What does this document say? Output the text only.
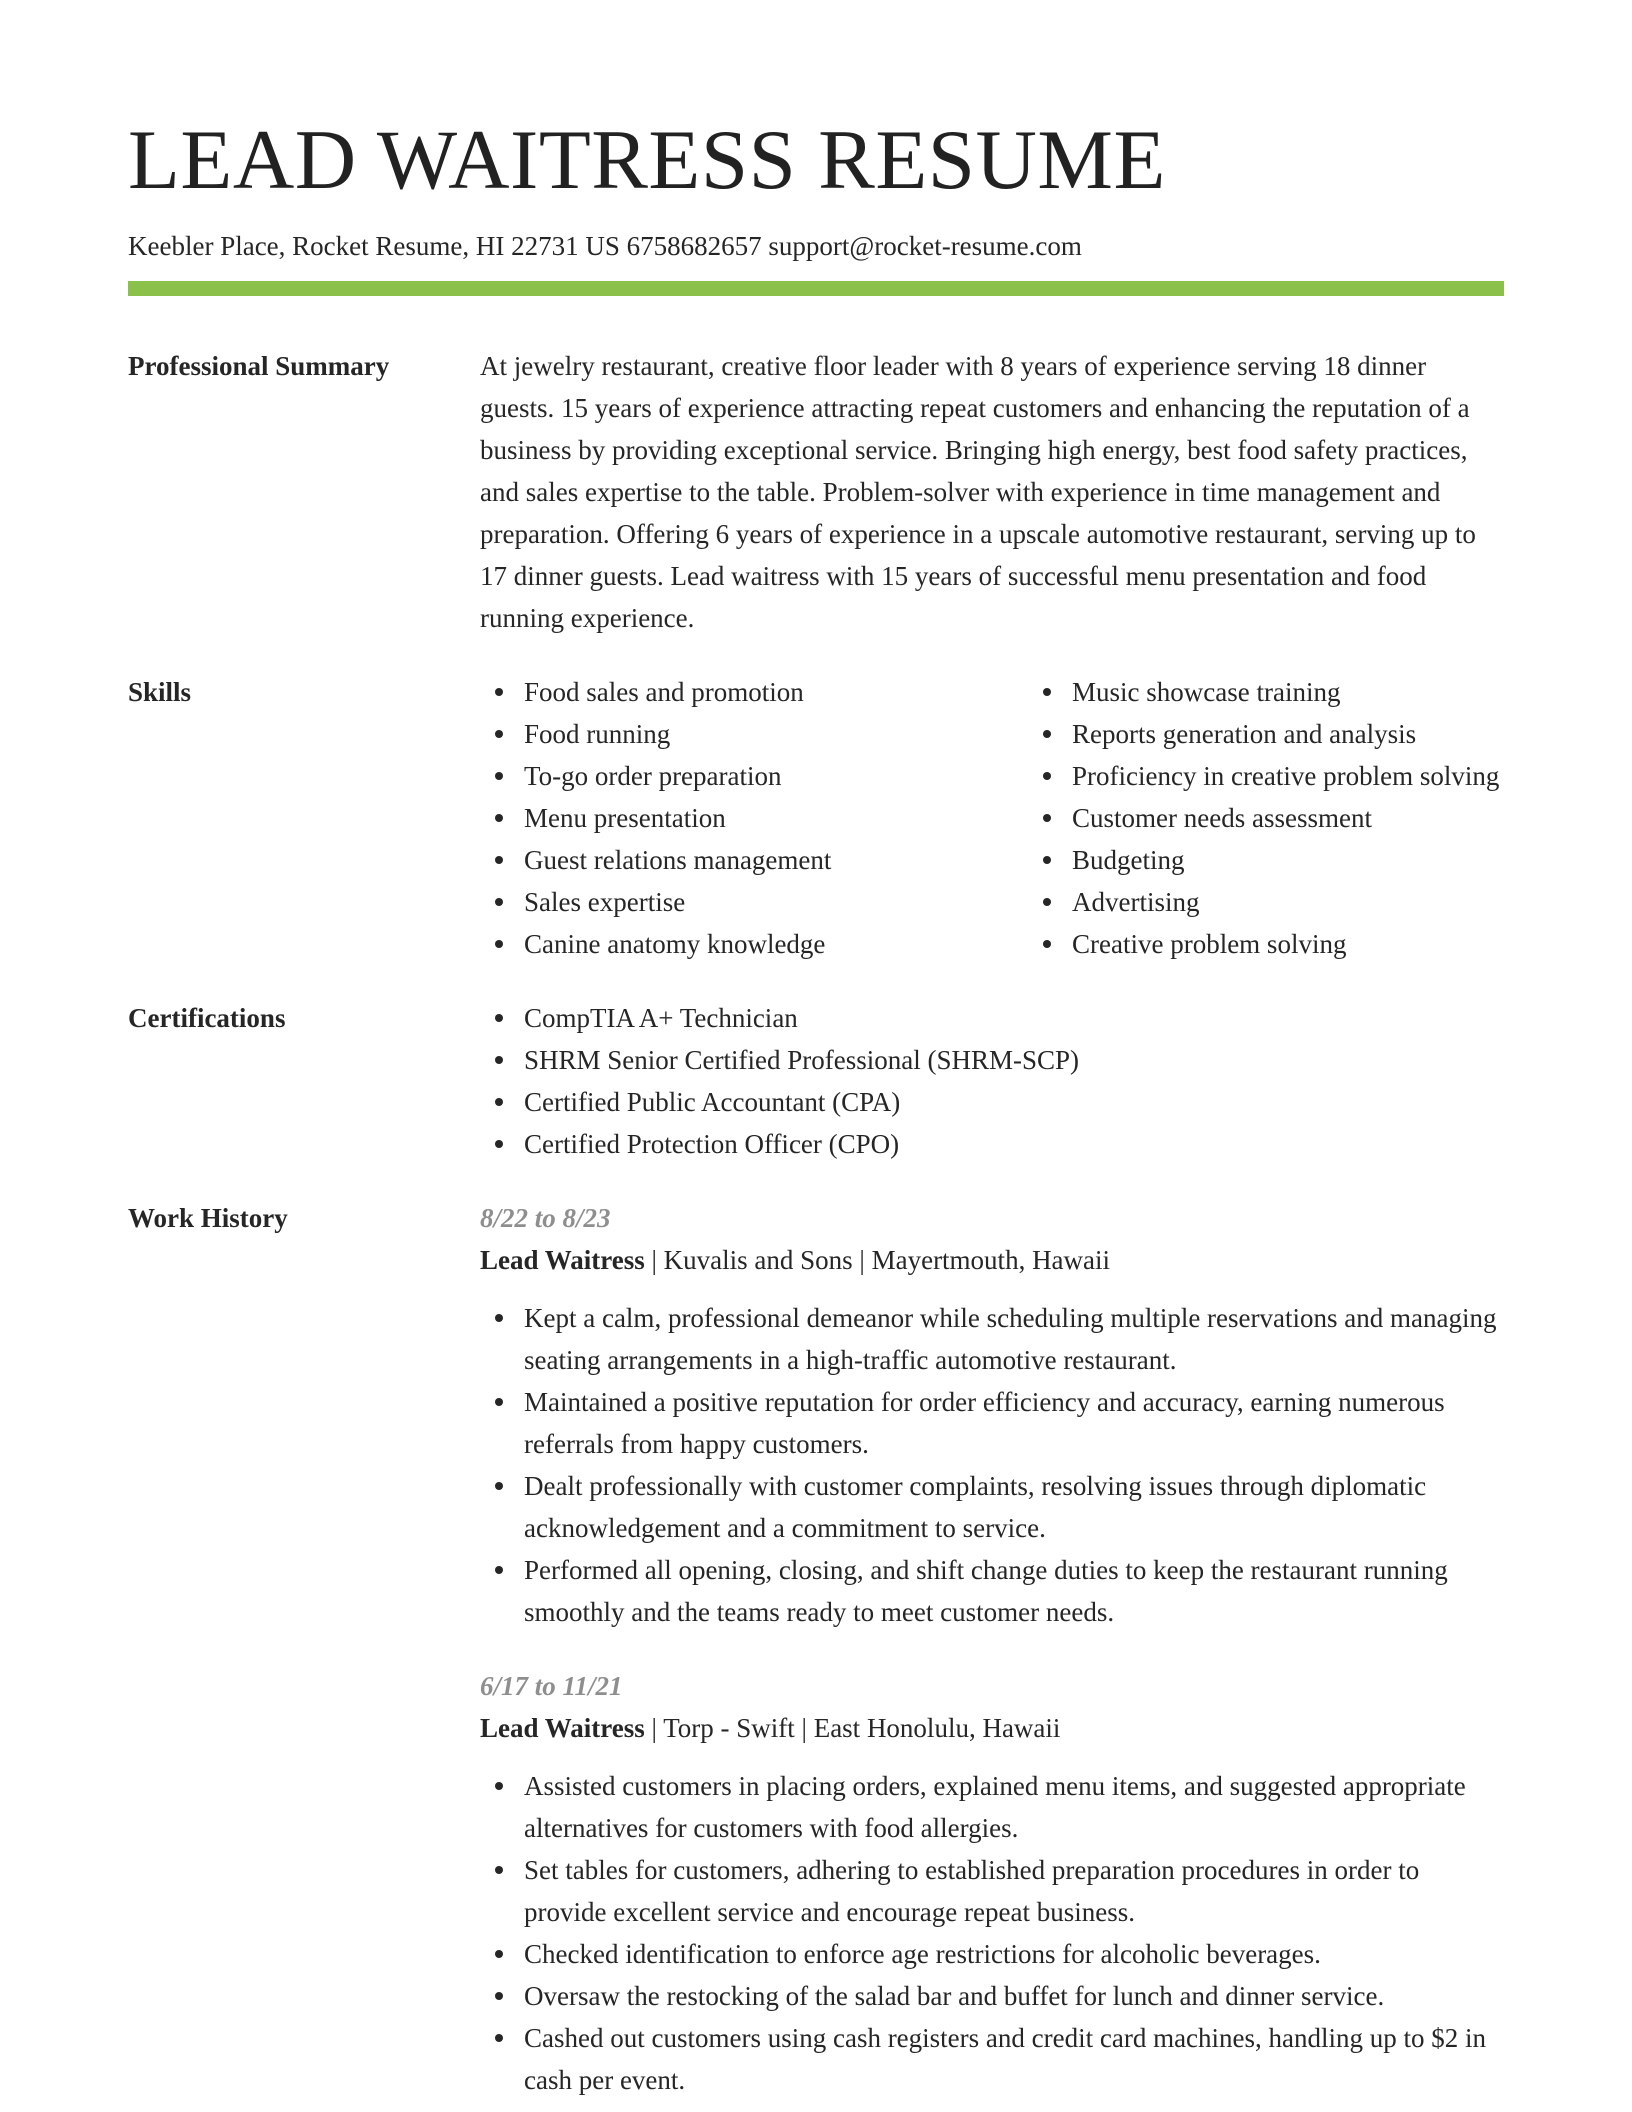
LEAD WAITRESS RESUME
Keebler Place, Rocket Resume, HI 22731 US 6758682657 support@rocket-resume.com
Professional Summary	At jewelry restaurant, creative floor leader with 8 years of experience serving 18 dinner guests. 15 years of experience attracting repeat customers and enhancing the reputation of a business by providing exceptional service. Bringing high energy, best food safety practices, and sales expertise to the table. Problem-solver with experience in time management and preparation. Offering 6 years of experience in a upscale automotive restaurant, serving up to 17 dinner guests. Lead waitress with 15 years of successful menu presentation and food running experience.
Skills	Food sales and promotion
Food running
To-go order preparation
Menu presentation
Guest relations management
Sales expertise
Canine anatomy knowledge
Music showcase training
Reports generation and analysis
Proficiency in creative problem solving
Customer needs assessment
Budgeting
Advertising
Creative problem solving
Certifications	CompTIA A+ Technician
SHRM Senior Certified Professional (SHRM-SCP)
Certified Public Accountant (CPA)
Certified Protection Officer (CPO)
Work History	8/22 to 8/23
Lead Waitress | Kuvalis and Sons | Mayertmouth, Hawaii
Kept a calm, professional demeanor while scheduling multiple reservations and managing seating arrangements in a high-traffic automotive restaurant.
Maintained a positive reputation for order efficiency and accuracy, earning numerous referrals from happy customers.
Dealt professionally with customer complaints, resolving issues through diplomatic acknowledgement and a commitment to service.
Performed all opening, closing, and shift change duties to keep the restaurant running smoothly and the teams ready to meet customer needs.
6/17 to 11/21
Lead Waitress | Torp - Swift | East Honolulu, Hawaii
Assisted customers in placing orders, explained menu items, and suggested appropriate alternatives for customers with food allergies.
Set tables for customers, adhering to established preparation procedures in order to provide excellent service and encourage repeat business.
Checked identification to enforce age restrictions for alcoholic beverages.
Oversaw the restocking of the salad bar and buffet for lunch and dinner service.
Cashed out customers using cash registers and credit card machines, handling up to $2 in cash per event.
